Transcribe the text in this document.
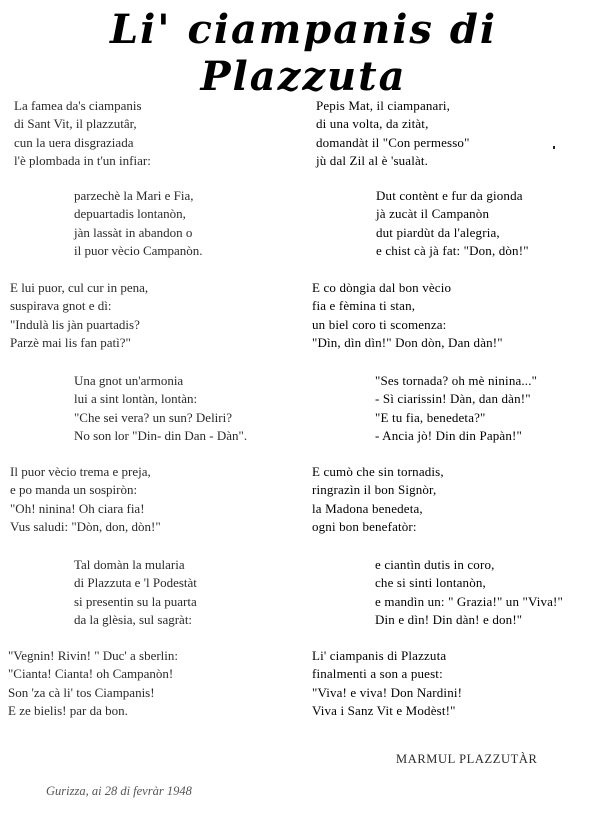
Li' ciampanis di Plazzuta
La famea da's ciampanis
di Sant Vit, il plazzutâr,
cun la uera disgraziada
l'è plombada in t'un infiar:
parzechè la Mari e Fia,
depuartadis lontanòn,
jàn lassàt in abandon o
il puor vècio Campanòn.
E lui puor, cul cur in pena,
suspirava gnot e dì:
"Indulà lis jàn puartadis?
Parzè mai lis fan patì?"
Una gnot un'armonia
lui a sint lontàn, lontàn:
"Che sei vera? un sun? Deliri?
No son lor "Din- din Dan - Dàn".
Il puor vècio trema e preja,
e po manda un sospiròn:
"Oh! ninina! Oh ciara fia!
Vus saludi: "Dòn, don, dòn!"
Tal domàn la mularia
di Plazzuta e 'l Podestàt
si presentin su la puarta
da la glèsia, sul sagràt:
"Vegnin! Rivin! " Duc' a sberlin:
"Cianta! Cianta! oh Campanòn!
Son 'za cà li' tos Ciampanis!
E ze bielis! par da bon.
Pepis Mat, il ciampanari,
di una volta, da zitàt,
domandàt il "Con permesso"
jù dal Zil al è 'sualàt.
Dut contènt e fur da gionda
jà zucàt il Campanòn
dut piardùt da l'alegria,
e chist cà jà fat: "Don, dòn!"
E co dòngia dal bon vècio
fia e fèmina ti stan,
un biel coro ti scomenza:
"Dìn, dìn dìn!" Don dòn, Dan dàn!"
"Ses tornada? oh mè ninina..."
- Sì ciarissin! Dàn, dan dàn!"
"E tu fia, benedeta?"
- Ancia jò! Din din Papàn!"
E cumò che sin tornadis,
ringrazìn il bon Signòr,
la Madona benedeta,
ogni bon benefatòr:
e ciantìn dutis in coro,
che si sinti lontanòn,
e mandìn un: " Grazia!" un "Viva!"
Din e dìn! Din dàn! e don!"
Li' ciampanis di Plazzuta
finalmenti a son a puest:
"Viva! e viva! Don Nardini!
Viva i Sanz Vit e Modèst!"
MARMUL PLAZZUTÀR
Gurizza, ai 28 di fevràr 1948
